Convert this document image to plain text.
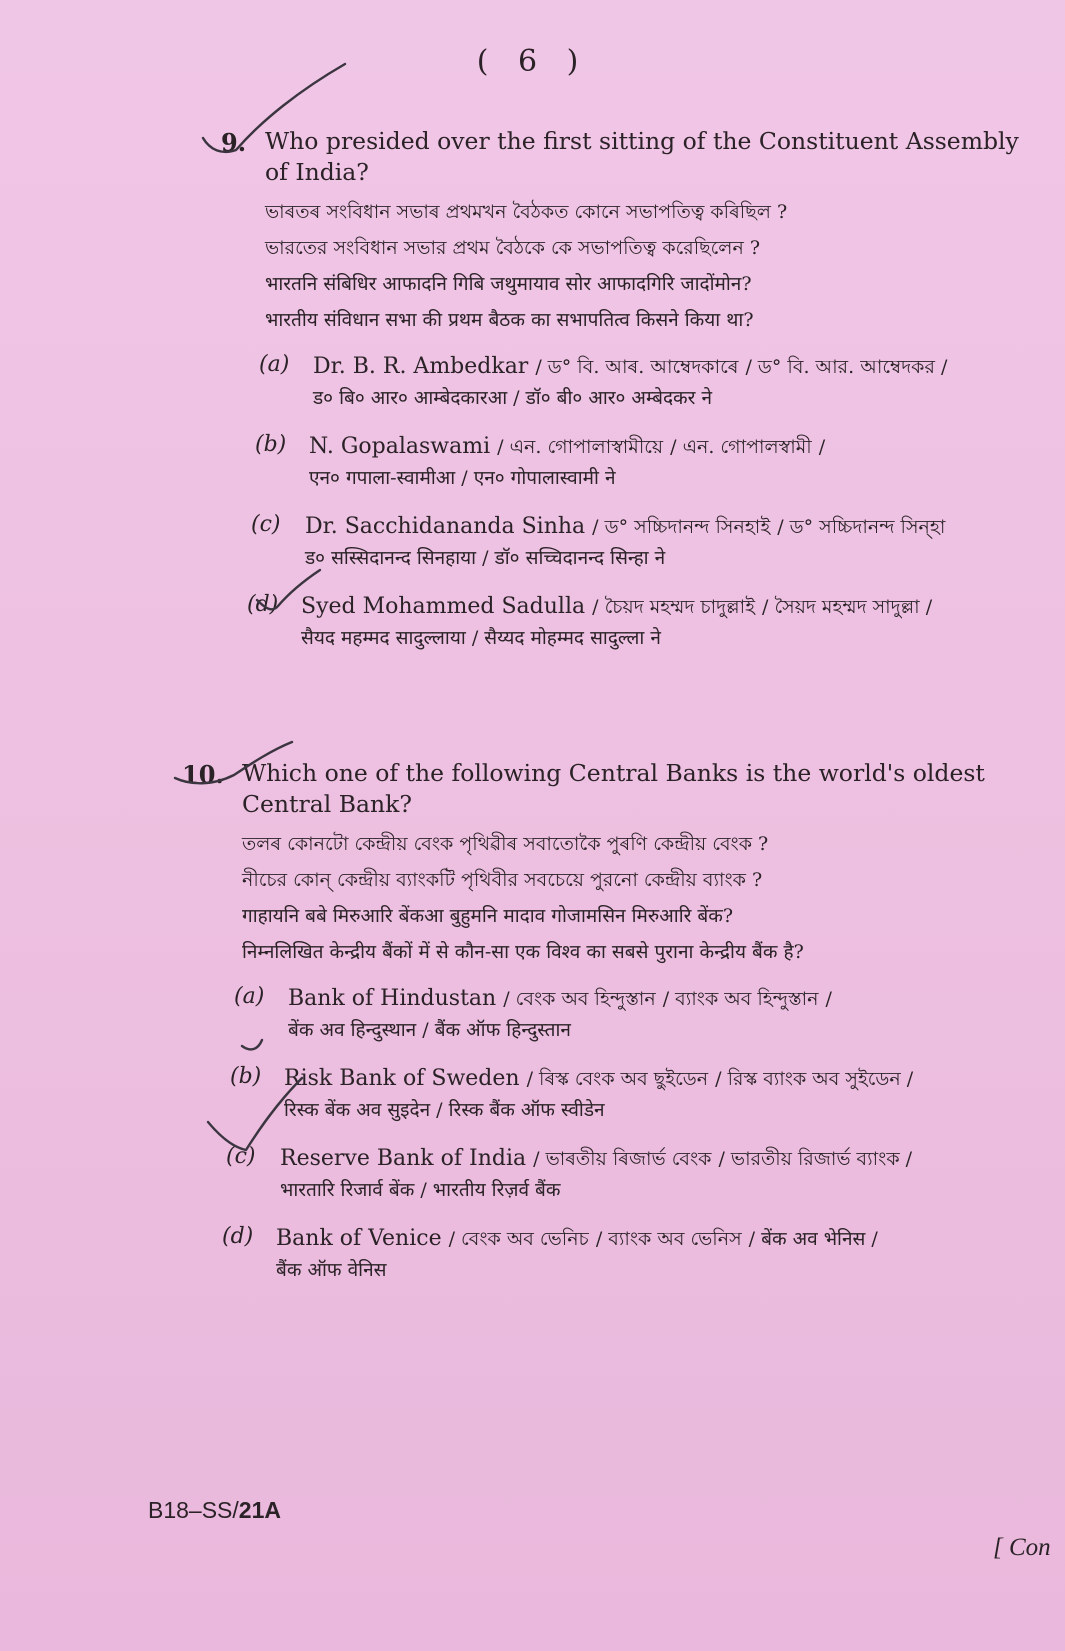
( 6 )
9. Who presided over the first sitting of the Constituent Assembly of India?

ভাৰতৰ সংবিধান সভাৰ প্ৰথমখন বৈঠকত কোনে সভাপতিত্ব কৰিছিল ?

ভারতের সংবিধান সভার প্রথম বৈঠকে কে সভাপতিত্ব করেছিলেন ?

भारतनि संबिधिर आफादनि गिबि जथुमायाव सोर आफादगिरि जादोंमोन?

भारतीय संविधान सभा की प्रथम बैठक का सभापतित्व किसने किया था?

(a) Dr. B. R. Ambedkar / ড° বি. আৰ. আম্বেদকাৰে / ড° বি. আর. আম্বেদকর /
ड० बि० आर० आम्बेदकारआ / डॉ० बी० आर० अम्बेदकर ने
(b) N. Gopalaswami / এন. গোপালাস্বামীয়ে / এন. গোপালস্বামী /
एन० गपाला-स्वामीआ / एन० गोपालास्वामी ने
(c) Dr. Sacchidananda Sinha / ড° সচ্চিদানন্দ সিনহাই / ড° সচ্চিদানন্দ সিন্হা
ड० सस्सिदानन्द सिनहाया / डॉ० सच्चिदानन्द सिन्हा ने
(d) Syed Mohammed Sadulla / চৈয়দ মহম্মদ চাদুল্লাই / সৈয়দ মহম্মদ সাদুল্লা /
सैयद महम्मद सादुल्लाया / सैय्यद मोहम्मद सादुल्ला ने
10. Which one of the following Central Banks is the world's oldest Central Bank?

তলৰ কোনটো কেন্দ্ৰীয় বেংক পৃথিৱীৰ সবাতোকৈ পুৰণি কেন্দ্ৰীয় বেংক ?

নীচের কোন্ কেন্দ্রীয় ব্যাংকটি পৃথিবীর সবচেয়ে পুরনো কেন্দ্রীয় ব্যাংক ?

गाहायनि बबे मिरुआरि बेंकआ बुहुमनि मादाव गोजामसिन मिरुआरि बेंक?

निम्नलिखित केन्द्रीय बैंकों में से कौन-सा एक विश्व का सबसे पुराना केन्द्रीय बैंक है?

(a) Bank of Hindustan / বেংক অব হিন্দুস্তান / ব্যাংক অব হিন্দুস্তান /
बेंक अव हिन्दुस्थान / बैंक ऑफ हिन्दुस्तान
(b) Risk Bank of Sweden / ৰিস্ক বেংক অব ছুইডেন / রিস্ক ব্যাংক অব সুইডেন /
रिस्क बेंक अव सुइदेन / रिस्क बैंक ऑफ स्वीडेन
(c) Reserve Bank of India / ভাৰতীয় ৰিজাৰ্ভ বেংক / ভারতীয় রিজার্ভ ব্যাংক /
भारतारि रिजार्व बेंक / भारतीय रिज़र्व बैंक
(d) Bank of Venice / বেংক অব ভেনিচ / ব্যাংক অব ভেনিস / बेंक अव भेनिस /
बैंक ऑफ वेनिस
B18–SS/21A
[ Con
